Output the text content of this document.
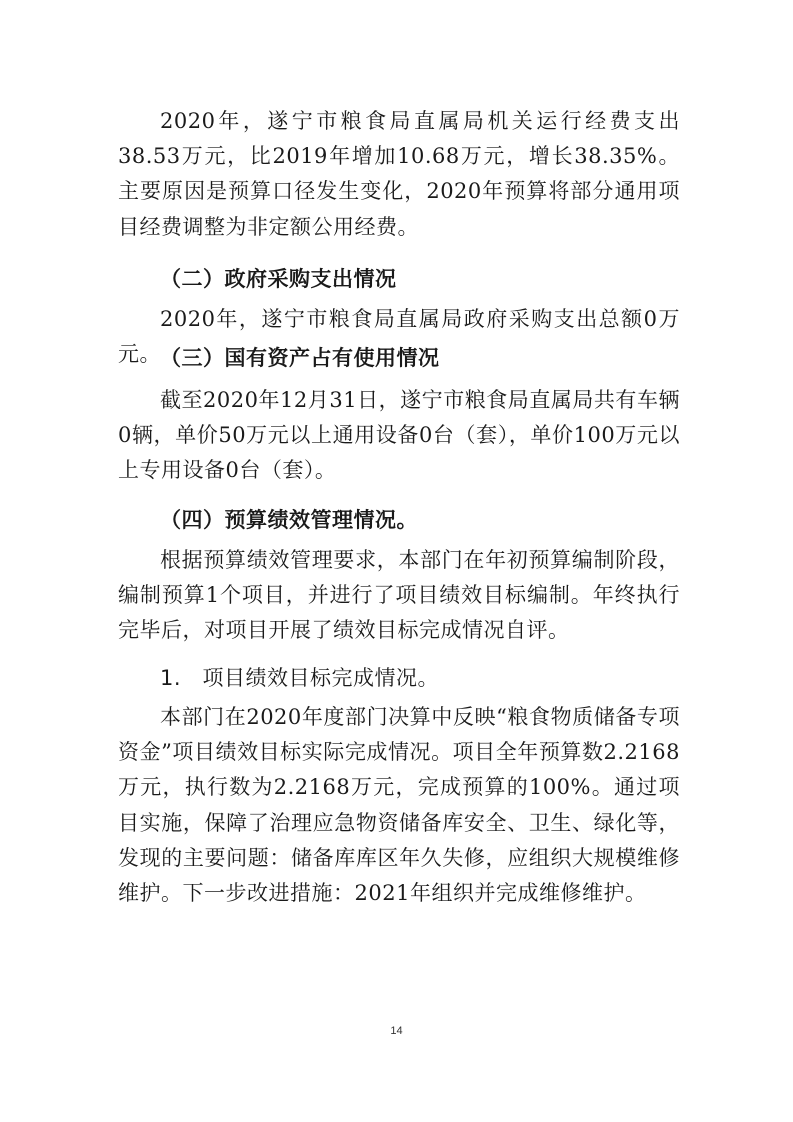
2020年，遂宁市粮食局直属局机关运行经费支出38.53万元，比2019年增加10.68万元，增长38.35%。主要原因是预算口径发生变化，2020年预算将部分通用项目经费调整为非定额公用经费。

（二）政府采购支出情况

2020年，遂宁市粮食局直属局政府采购支出总额0万元。 （三）国有资产占有使用情况

截至2020年12月31日，遂宁市粮食局直属局共有车辆0辆，单价50万元以上通用设备0台（套），单价100万元以上专用设备0台（套）。

（四）预算绩效管理情况。

根据预算绩效管理要求，本部门在年初预算编制阶段，编制预算1个项目，并进行了项目绩效目标编制。年终执行完毕后，对项目开展了绩效目标完成情况自评。

1.　项目绩效目标完成情况。

本部门在2020年度部门决算中反映“粮食物质储备专项资金”项目绩效目标实际完成情况。项目全年预算数2.2168万元，执行数为2.2168万元，完成预算的100%。通过项目实施，保障了治理应急物资储备库安全、卫生、绿化等，发现的主要问题：储备库库区年久失修，应组织大规模维修维护。下一步改进措施：2021年组织并完成维修维护。

14
